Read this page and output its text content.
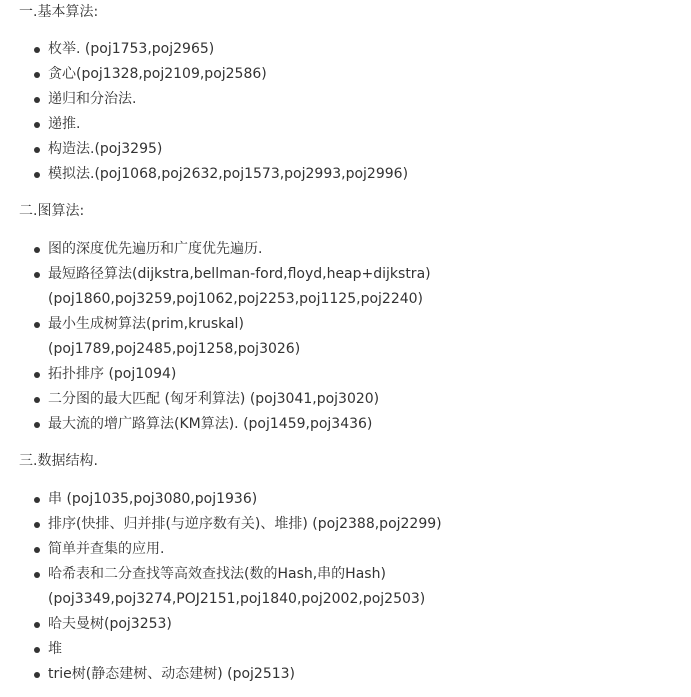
一.基本算法:

枚举. (poj1753,poj2965)
贪心(poj1328,poj2109,poj2586)
递归和分治法.
递推.
构造法.(poj3295)
模拟法.(poj1068,poj2632,poj1573,poj2993,poj2996)

二.图算法:

图的深度优先遍历和广度优先遍历.
最短路径算法(dijkstra,bellman-ford,floyd,heap+dijkstra)
(poj1860,poj3259,poj1062,poj2253,poj1125,poj2240)
最小生成树算法(prim,kruskal)
(poj1789,poj2485,poj1258,poj3026)
拓扑排序 (poj1094)
二分图的最大匹配 (匈牙利算法) (poj3041,poj3020)
最大流的增广路算法(KM算法). (poj1459,poj3436)

三.数据结构.

串 (poj1035,poj3080,poj1936)
排序(快排、归并排(与逆序数有关)、堆排) (poj2388,poj2299)
简单并查集的应用.
哈希表和二分查找等高效查找法(数的Hash,串的Hash)
(poj3349,poj3274,POJ2151,poj1840,poj2002,poj2503)
哈夫曼树(poj3253)
堆
trie树(静态建树、动态建树) (poj2513)
